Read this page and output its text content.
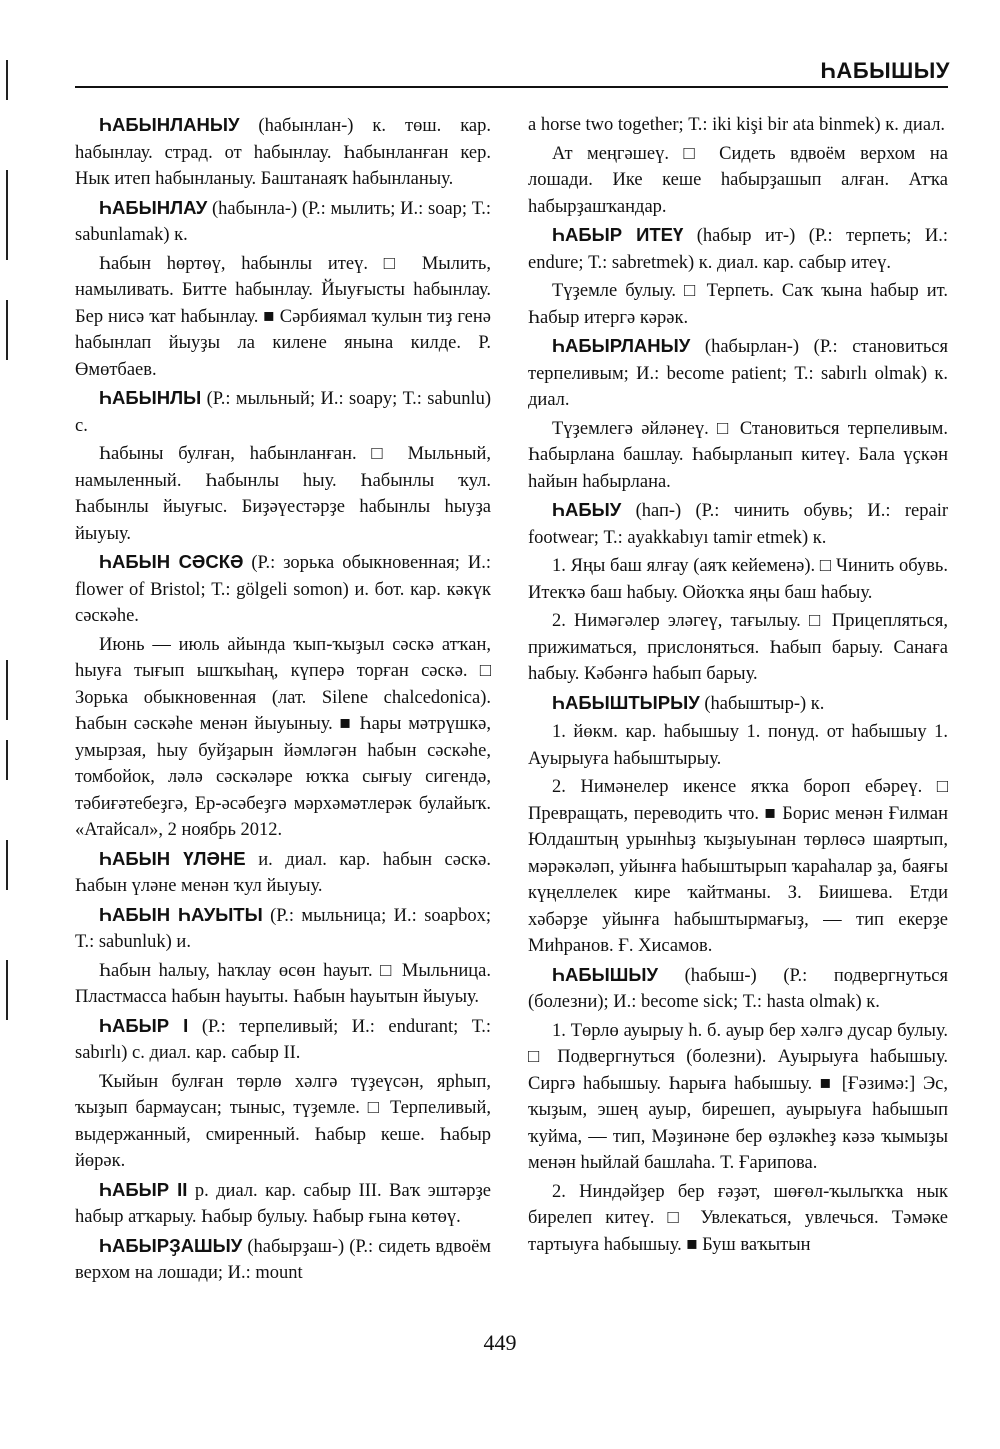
ҺАБЫШЫУ

ҺАБЫНЛАНЫУ (һабынлан-) к. төш. кар. һабынлау. страд. от һабынлау. Һабынланған кер. Нык итеп һабынланыу. Баштанаяҡ һабынланыу.

ҺАБЫНЛАУ (һабынла-) (Р.: мылить; И.: soap; Т.: sabunlamak) к.

Һабын һөртөү, һабынлы итеү. □ Мылить, намыливать. Битте һабынлау. Йыуғысты һабынлау. Бер нисә ҡат һабынлау. ■ Сәрбиямал ҡулын тиҙ генә һабынлап йыуҙы ла килене янына килде. Р. Өмөтбаев.

ҺАБЫНЛЫ (Р.: мыльный; И.: soapy; Т.: sabunlu) с.

Һабыны булған, һабынланған. □ Мыльный, намыленный. Һабынлы һыу. Һабынлы ҡул. Һабынлы йыуғыс. Биҙәүестәрҙе һабынлы һыуҙа йыуыу.

ҺАБЫН СӘСКӘ (Р.: зорька обыкновенная; И.: flower of Bristol; Т.: gölgeli somon) и. бот. кар. кәкүк сәскәһе.

Июнь — июль айында ҡып-ҡыҙыл сәскә атҡан, һыуға тығып ышҡыһаң, күперә торған сәскә. □ Зорька обыкновенная (лат. Silene chalcedonica). Һабын сәскәһе менән йыуыныу. ■ Һары мәтрүшкә, умырзая, һыу буйҙарын йәмләгән һабын сәскәһе, томбойок, ләлә сәскәләре юҡҡа сығыу сигендә, тәбиғәтебеҙгә, Ер-әсәбеҙгә мәрхәмәтлерәк булайыҡ. «Атайсал», 2 ноябрь 2012.

ҺАБЫН ҮЛӘНЕ и. диал. кар. һабын сәскә. Һабын үләне менән ҡул йыуыу.

ҺАБЫН ҺАУЫТЫ (Р.: мыльница; И.: soapbox; Т.: sabunluk) и.

Һабын һалыу, һаҡлау өсөн һауыт. □ Мыльница. Пластмасса һабын һауыты. Һабын һауытын йыуыу.

ҺАБЫР I (Р.: терпеливый; И.: endurant; Т.: sabırlı) с. диал. кар. сабыр II.

Ҡыйын булған төрлө хәлгә түҙеүсән, ярһып, ҡыҙып бармаусан; тыныс, түҙемле. □ Терпеливый, выдержанный, смиренный. Һабыр кеше. Һабыр йөрәк.

ҺАБЫР II р. диал. кар. сабыр III. Ваҡ эштәрҙе һабыр атҡарыу. Һабыр булыу. Һабыр ғына көтөү.

ҺАБЫРҘАШЫУ (һабырҙаш-) (Р.: сидеть вдвоём верхом на лошади; И.: mount

a horse two together; Т.: iki kişi bir ata binmek) к. диал.

Ат меңгәшеү. □ Сидеть вдвоём верхом на лошади. Ике кеше һабырҙашып алған. Атҡа һабырҙашҡандар.

ҺАБЫР ИТЕҮ (һабыр ит-) (Р.: терпеть; И.: endure; Т.: sabretmek) к. диал. кар. сабыр итеү.

Түҙемле булыу. □ Терпеть. Саҡ ҡына һабыр ит. Һабыр итергә кәрәк.

ҺАБЫРЛАНЫУ (һабырлан-) (Р.: становиться терпеливым; И.: become patient; Т.: sabırlı olmak) к. диал.

Түҙемлегә әйләнеү. □ Становиться терпеливым. Һабырлана башлау. Һабырланып китеү. Бала үҫкән һайын һабырлана.

ҺАБЫУ (һап-) (Р.: чинить обувь; И.: repair footwear; Т.: ayakkabıyı tamir etmek) к.

1. Яңы баш ялғау (аяҡ кейеменә). □ Чинить обувь. Итекҡә баш һабыу. Ойоҡҡа яңы баш һабыу.

2. Нимәгәлер эләгеү, тағылыу. □ Прицепляться, прижиматься, прислоняться. Һабып барыу. Санаға һабыу. Кәбәнгә һабып барыу.

ҺАБЫШТЫРЫУ (һабыштыр-) к.

1. йөкм. кар. һабышыу 1. понуд. от һабышыу 1. Ауырыуға һабыштырыу.

2. Нимәнелер икенсе яҡҡа бороп ебәреү. □ Превращать, переводить что. ■ Борис менән Ғилман Юлдаштың урынһыҙ ҡыҙыуынан төрлөсә шаяртып, мәрәкәләп, уйынға һабыштырып ҡараһалар ҙа, баяғы күңеллелек кире ҡайтманы. З. Биишева. Етди хәбәрҙе уйынға һабыштырмағыҙ, — тип екерҙе Миһранов. Ғ. Хисамов.

ҺАБЫШЫУ (һабыш-) (Р.: подвергнуться (болезни); И.: become sick; Т.: hasta olmak) к.

1. Төрлө ауырыу һ. б. ауыр бер хәлгә дусар булыу. □ Подвергнуться (болезни). Ауырыуға һабышыу. Сиргә һабышыу. Һарыға һабышыу. ■ [Ғәзимә:] Эс, ҡыҙым, эшең ауыр, бирешеп, ауырыуға һабышып ҡуйма, — тип, Мәҙинәне бер өҙләкһеҙ кәзә ҡымыҙы менән һыйлай башлаһа. Т. Ғарипова.

2. Ниндәйҙер бер ғәҙәт, шөғөл-ҡылыҡҡа нык бирелеп китеү. □ Увлекаться, увлечься. Тәмәке тартыуға һабышыу. ■ Буш ваҡытын

449
